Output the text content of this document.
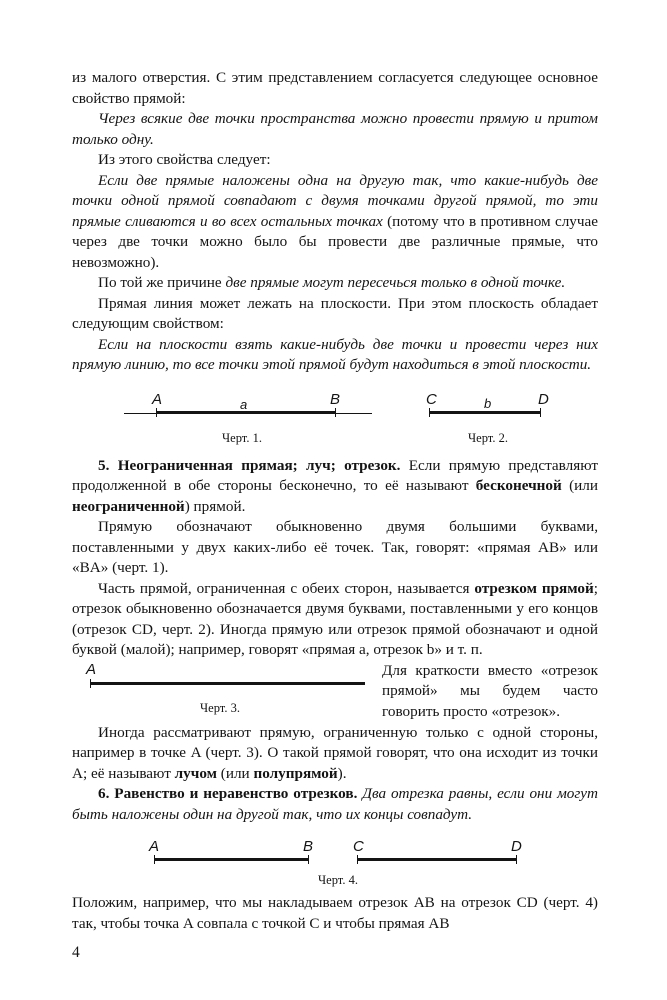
из малого отверстия. С этим представлением согласуется следующее основное свойство прямой:

Через всякие две точки пространства можно провести прямую и притом только одну.

Из этого свойства следует:

Если две прямые наложены одна на другую так, что какие-нибудь две точки одной прямой совпадают с двумя точками другой прямой, то эти прямые сливаются и во всех остальных точках (потому что в противном случае через две точки можно было бы провести две различные прямые, что невозможно).

По той же причине две прямые могут пересечься только в одной точке.

Прямая линия может лежать на плоскости. При этом плоскость обладает следующим свойством:

Если на плоскости взять какие-нибудь две точки и провести через них прямую линию, то все точки этой прямой будут находиться в этой плоскости.

A	a	B
Черт. 1.
C	b	D
Черт. 2.

5. Неограниченная прямая; луч; отрезок. Если прямую представляют продолженной в обе стороны бесконечно, то её называют бесконечной (или неограниченной) прямой.

Прямую обозначают обыкновенно двумя большими буквами, поставленными у двух каких-либо её точек. Так, говорят: «прямая AB» или «BA» (черт. 1).

Часть прямой, ограниченная с обеих сторон, называется отрезком прямой; отрезок обыкновенно обозначается двумя буквами, поставленными у его концов (отрезок CD, черт. 2). Иногда прямую или отрезок прямой обозначают и одной буквой (малой); например, говорят «прямая a, отрезок b» и т. п.

A
Черт. 3.

Для краткости вместо «отрезок прямой» мы будем часто говорить просто «отрезок».

Иногда рассматривают прямую, ограниченную только с одной стороны, например в точке A (черт. 3). О такой прямой говорят, что она исходит из точки A; её называют лучом (или полупрямой).

6. Равенство и неравенство отрезков. Два отрезка равны, если они могут быть наложены один на другой так, что их концы совпадут.

A	B	C	D
Черт. 4.

Положим, например, что мы накладываем отрезок AB на отрезок CD (черт. 4) так, чтобы точка A совпала с точкой C и чтобы прямая AB

4
